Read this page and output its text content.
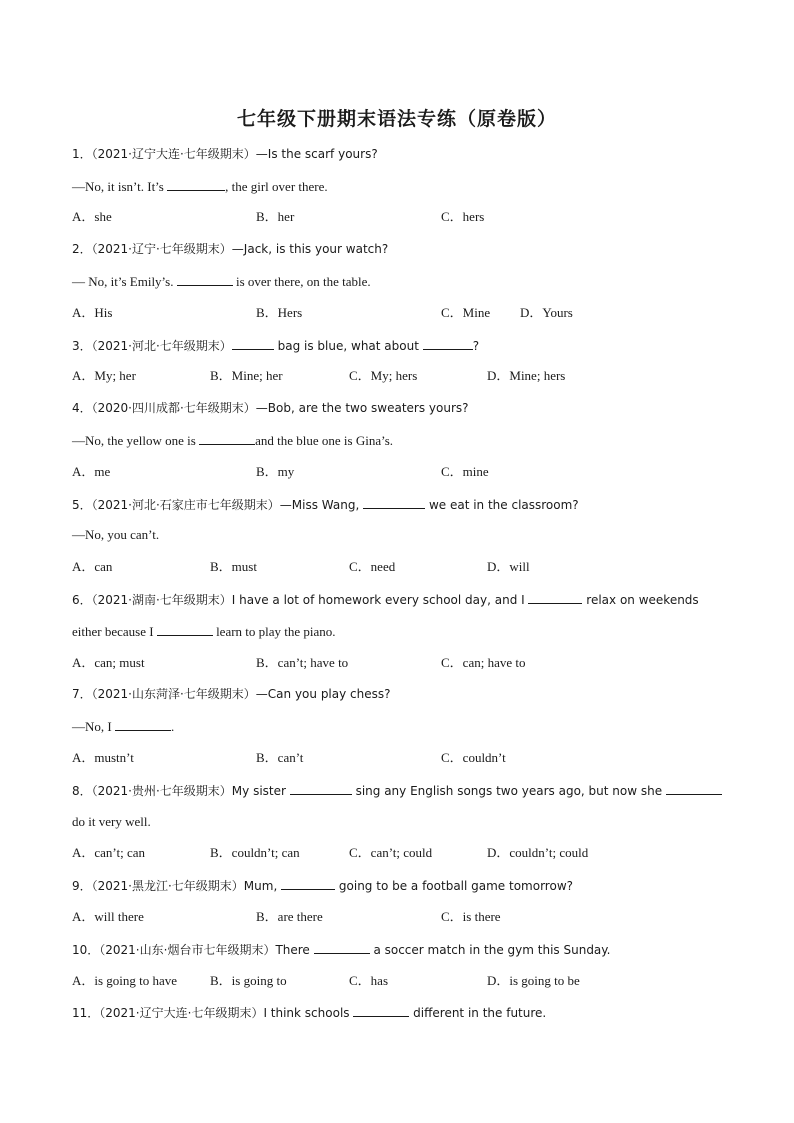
七年级下册期末语法专练（原卷版）
1．（2021·辽宁大连·七年级期末）—Is the scarf yours?
—No, it isn’t. It’s	, the girl over there.
A．she	B．her	C．hers
2．（2021·辽宁·七年级期末）—Jack, is this your watch?
— No, it’s Emily’s.	is over there, on the table.
A．His	B．Hers	C．Mine D．Yours
3．（2021·河北·七年级期末）	bag is blue, what about	?
A．My; her	B．Mine; her	C．My; hers	D．Mine; hers
4．（2020·四川成都·七年级期末）—Bob, are the two sweaters yours?
—No, the yellow one is	and the blue one is Gina’s.
A．me	B．my	C．mine
5．（2021·河北·石家庄市七年级期末）—Miss Wang,	we eat in the classroom?
—No, you can’t.
A．can	B．must	C．need	D．will
6．（2021·湖南·七年级期末）I have a lot of homework every school day, and I	relax on weekends
either because I	learn to play the piano.
A．can; must	B．can’t; have to	C．can; have to
7．（2021·山东菏泽·七年级期末）—Can you play chess?
—No, I	.
A．mustn’t	B．can’t	C．couldn’t
8．（2021·贵州·七年级期末）My sister	sing any English songs two years ago, but now she
do it very well.
A．can’t; can	B．couldn’t; can	C．can’t; could	D．couldn’t; could
9．（2021·黑龙江·七年级期末）Mum,	going to be a football game tomorrow?
A．will there	B．are there	C．is there
10．（2021·山东·烟台市七年级期末）There	a soccer match in the gym this Sunday.
A．is going to have	B．is going to	C．has	D．is going to be
11．（2021·辽宁大连·七年级期末）I think schools	different in the future.
